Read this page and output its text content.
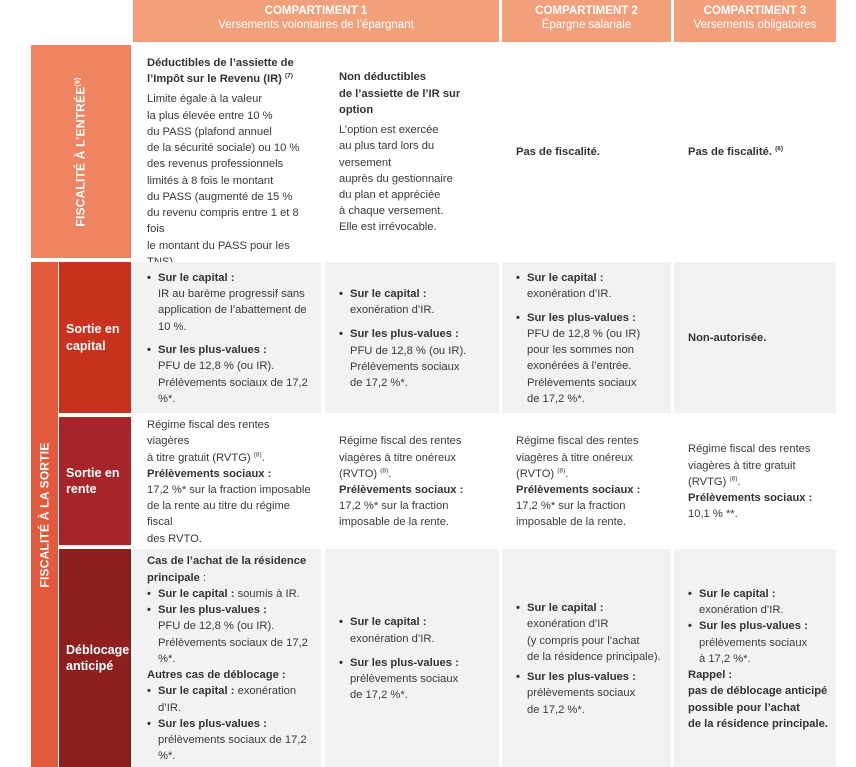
COMPARTIMENT 1
Versements volontaires de l’épargnant
COMPARTIMENT 2
Épargne salariale
COMPARTIMENT 3
Versements obligatoires
FISCALITÉ À L’ENTRÉE$^{(6)}$
FISCALITÉ À LA SORTIE
Sortie en capital
Sortie en rente
Déblocage anticipé

Déductibles de l’assiette de l’Impôt sur le Revenu (IR) $^{(7)}$

Limite égale à la valeur

la plus élevée entre 10 %

du PASS (plafond annuel

de la sécurité sociale) ou 10 %

des revenus professionnels

limités à 8 fois le montant

du PASS (augmenté de 15 %

du revenu compris entre 1 et 8 fois

le montant du PASS pour les

Non déductibles

de l’assiette de l’IR sur option

L’option est exercée

au plus tard lors du versement

auprès du gestionnaire

du plan et appréciée

à chaque versement.

Elle est irrévocable.

Pas de fiscalité.	Pas de fiscalité. $^{(6)}$

• Sur le capital :

IR au barème progressif sans

application de l’abattement de 10 %.

• Sur les plus-values :

PFU de 12,8 % (ou IR).

Prélèvements sociaux de 17,2 %*.

• Sur le capital :

exonération d’IR.

• Sur les plus-values :

PFU de 12,8 % (ou IR).

Prélèvements sociaux

de 17,2 %*.

• Sur le capital :

exonération d’IR.

• Sur les plus-values :

PFU de 12,8 % (ou IR)

pour les sommes non

exonérées à l’entrée.

Prélèvements sociaux

de 17,2 %*.

Non-autorisée.

Régime fiscal des rentes viagères

à titre gratuit (RVTG) $^{(8)}$.

Prélèvements sociaux :

17,2 %* sur la fraction imposable

de la rente au titre du régime fiscal

des RVTO.

Régime fiscal des rentes

viagères à titre onéreux (RVTO) $^{(8)}$.

Prélèvements sociaux :

17,2 %* sur la fraction

imposable de la rente.

Régime fiscal des rentes

viagères à titre onéreux (RVTO) $^{(8)}$.

Prélèvements sociaux :

17,2 %* sur la fraction

imposable de la rente.

Régime fiscal des rentes

viagères à titre gratuit (RVTG) $^{(8)}$.

Prélèvements sociaux :

10,1 % **.

Cas de l’achat de la résidence

principale :

• Sur le capital : soumis à IR.

• Sur les plus-values :

PFU de 12,8 % (ou IR).

Prélèvements sociaux de 17,2 %*.

Autres cas de déblocage :

• Sur le capital : exonération d’IR.

• Sur les plus-values :

prélèvements sociaux de 17,2 %*.

• Sur le capital :

exonération d’IR.

• Sur les plus-values :

prélèvements sociaux

de 17,2 %*.

• Sur le capital :

exonération d’IR

(y compris pour l’achat

de la résidence principale).

• Sur les plus-values :

prélèvements sociaux

de 17,2 %*.

• Sur le capital :

exonération d’IR.

• Sur les plus-values :

prélèvements sociaux

à 17,2 %*.

Rappel :

pas de déblocage anticipé

possible pour l’achat

de la résidence principale.
